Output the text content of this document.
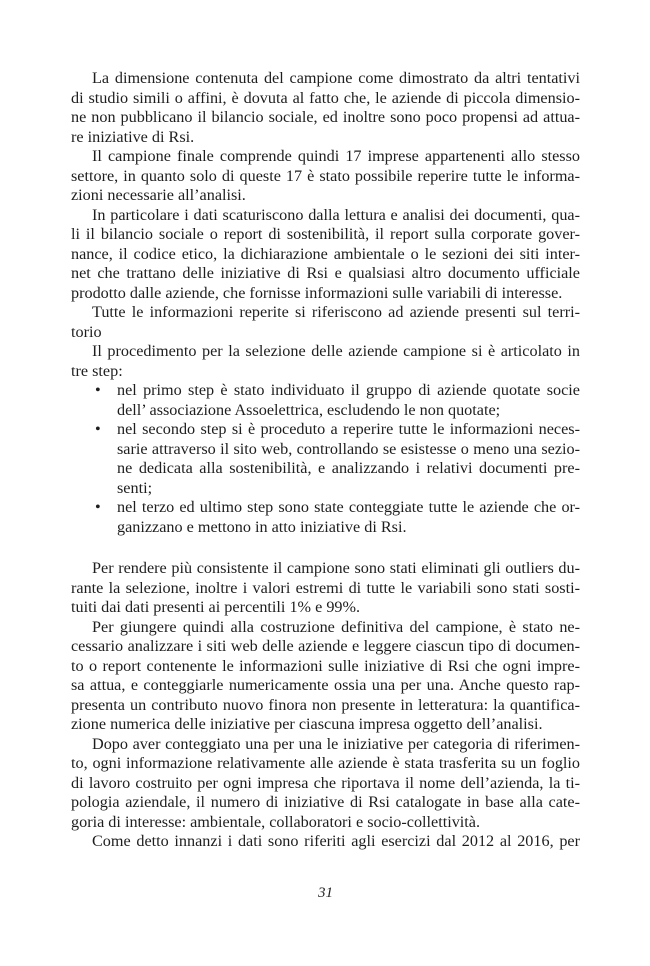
La dimensione contenuta del campione come dimostrato da altri tentativi
di studio simili o affini, è dovuta al fatto che, le aziende di piccola dimensio-
ne non pubblicano il bilancio sociale, ed inoltre sono poco propensi ad attua-
re iniziative di Rsi.
Il campione finale comprende quindi 17 imprese appartenenti allo stesso
settore, in quanto solo di queste 17 è stato possibile reperire tutte le informa-
zioni necessarie all’analisi.
In particolare i dati scaturiscono dalla lettura e analisi dei documenti, qua-
li il bilancio sociale o report di sostenibilità, il report sulla corporate gover-
nance, il codice etico, la dichiarazione ambientale o le sezioni dei siti inter-
net che trattano delle iniziative di Rsi e qualsiasi altro documento ufficiale
prodotto dalle aziende, che fornisse informazioni sulle variabili di interesse.
Tutte le informazioni reperite si riferiscono ad aziende presenti sul terri-
torio
Il procedimento per la selezione delle aziende campione si è articolato in
tre step:
• nel primo step è stato individuato il gruppo di aziende quotate socie
dell’ associazione Assoelettrica, escludendo le non quotate;
• nel secondo step si è proceduto a reperire tutte le informazioni neces-
sarie attraverso il sito web, controllando se esistesse o meno una sezio-
ne dedicata alla sostenibilità, e analizzando i relativi documenti pre-
senti;
• nel terzo ed ultimo step sono state conteggiate tutte le aziende che or-
ganizzano e mettono in atto iniziative di Rsi.
Per rendere più consistente il campione sono stati eliminati gli outliers du-
rante la selezione, inoltre i valori estremi di tutte le variabili sono stati sosti-
tuiti dai dati presenti ai percentili 1% e 99%.
Per giungere quindi alla costruzione definitiva del campione, è stato ne-
cessario analizzare i siti web delle aziende e leggere ciascun tipo di documen-
to o report contenente le informazioni sulle iniziative di Rsi che ogni impre-
sa attua, e conteggiarle numericamente ossia una per una. Anche questo rap-
presenta un contributo nuovo finora non presente in letteratura: la quantifica-
zione numerica delle iniziative per ciascuna impresa oggetto dell’analisi.
Dopo aver conteggiato una per una le iniziative per categoria di riferimen-
to, ogni informazione relativamente alle aziende è stata trasferita su un foglio
di lavoro costruito per ogni impresa che riportava il nome dell’azienda, la ti-
pologia aziendale, il numero di iniziative di Rsi catalogate in base alla cate-
goria di interesse: ambientale, collaboratori e socio-collettività.
Come detto innanzi i dati sono riferiti agli esercizi dal 2012 al 2016, per
31
